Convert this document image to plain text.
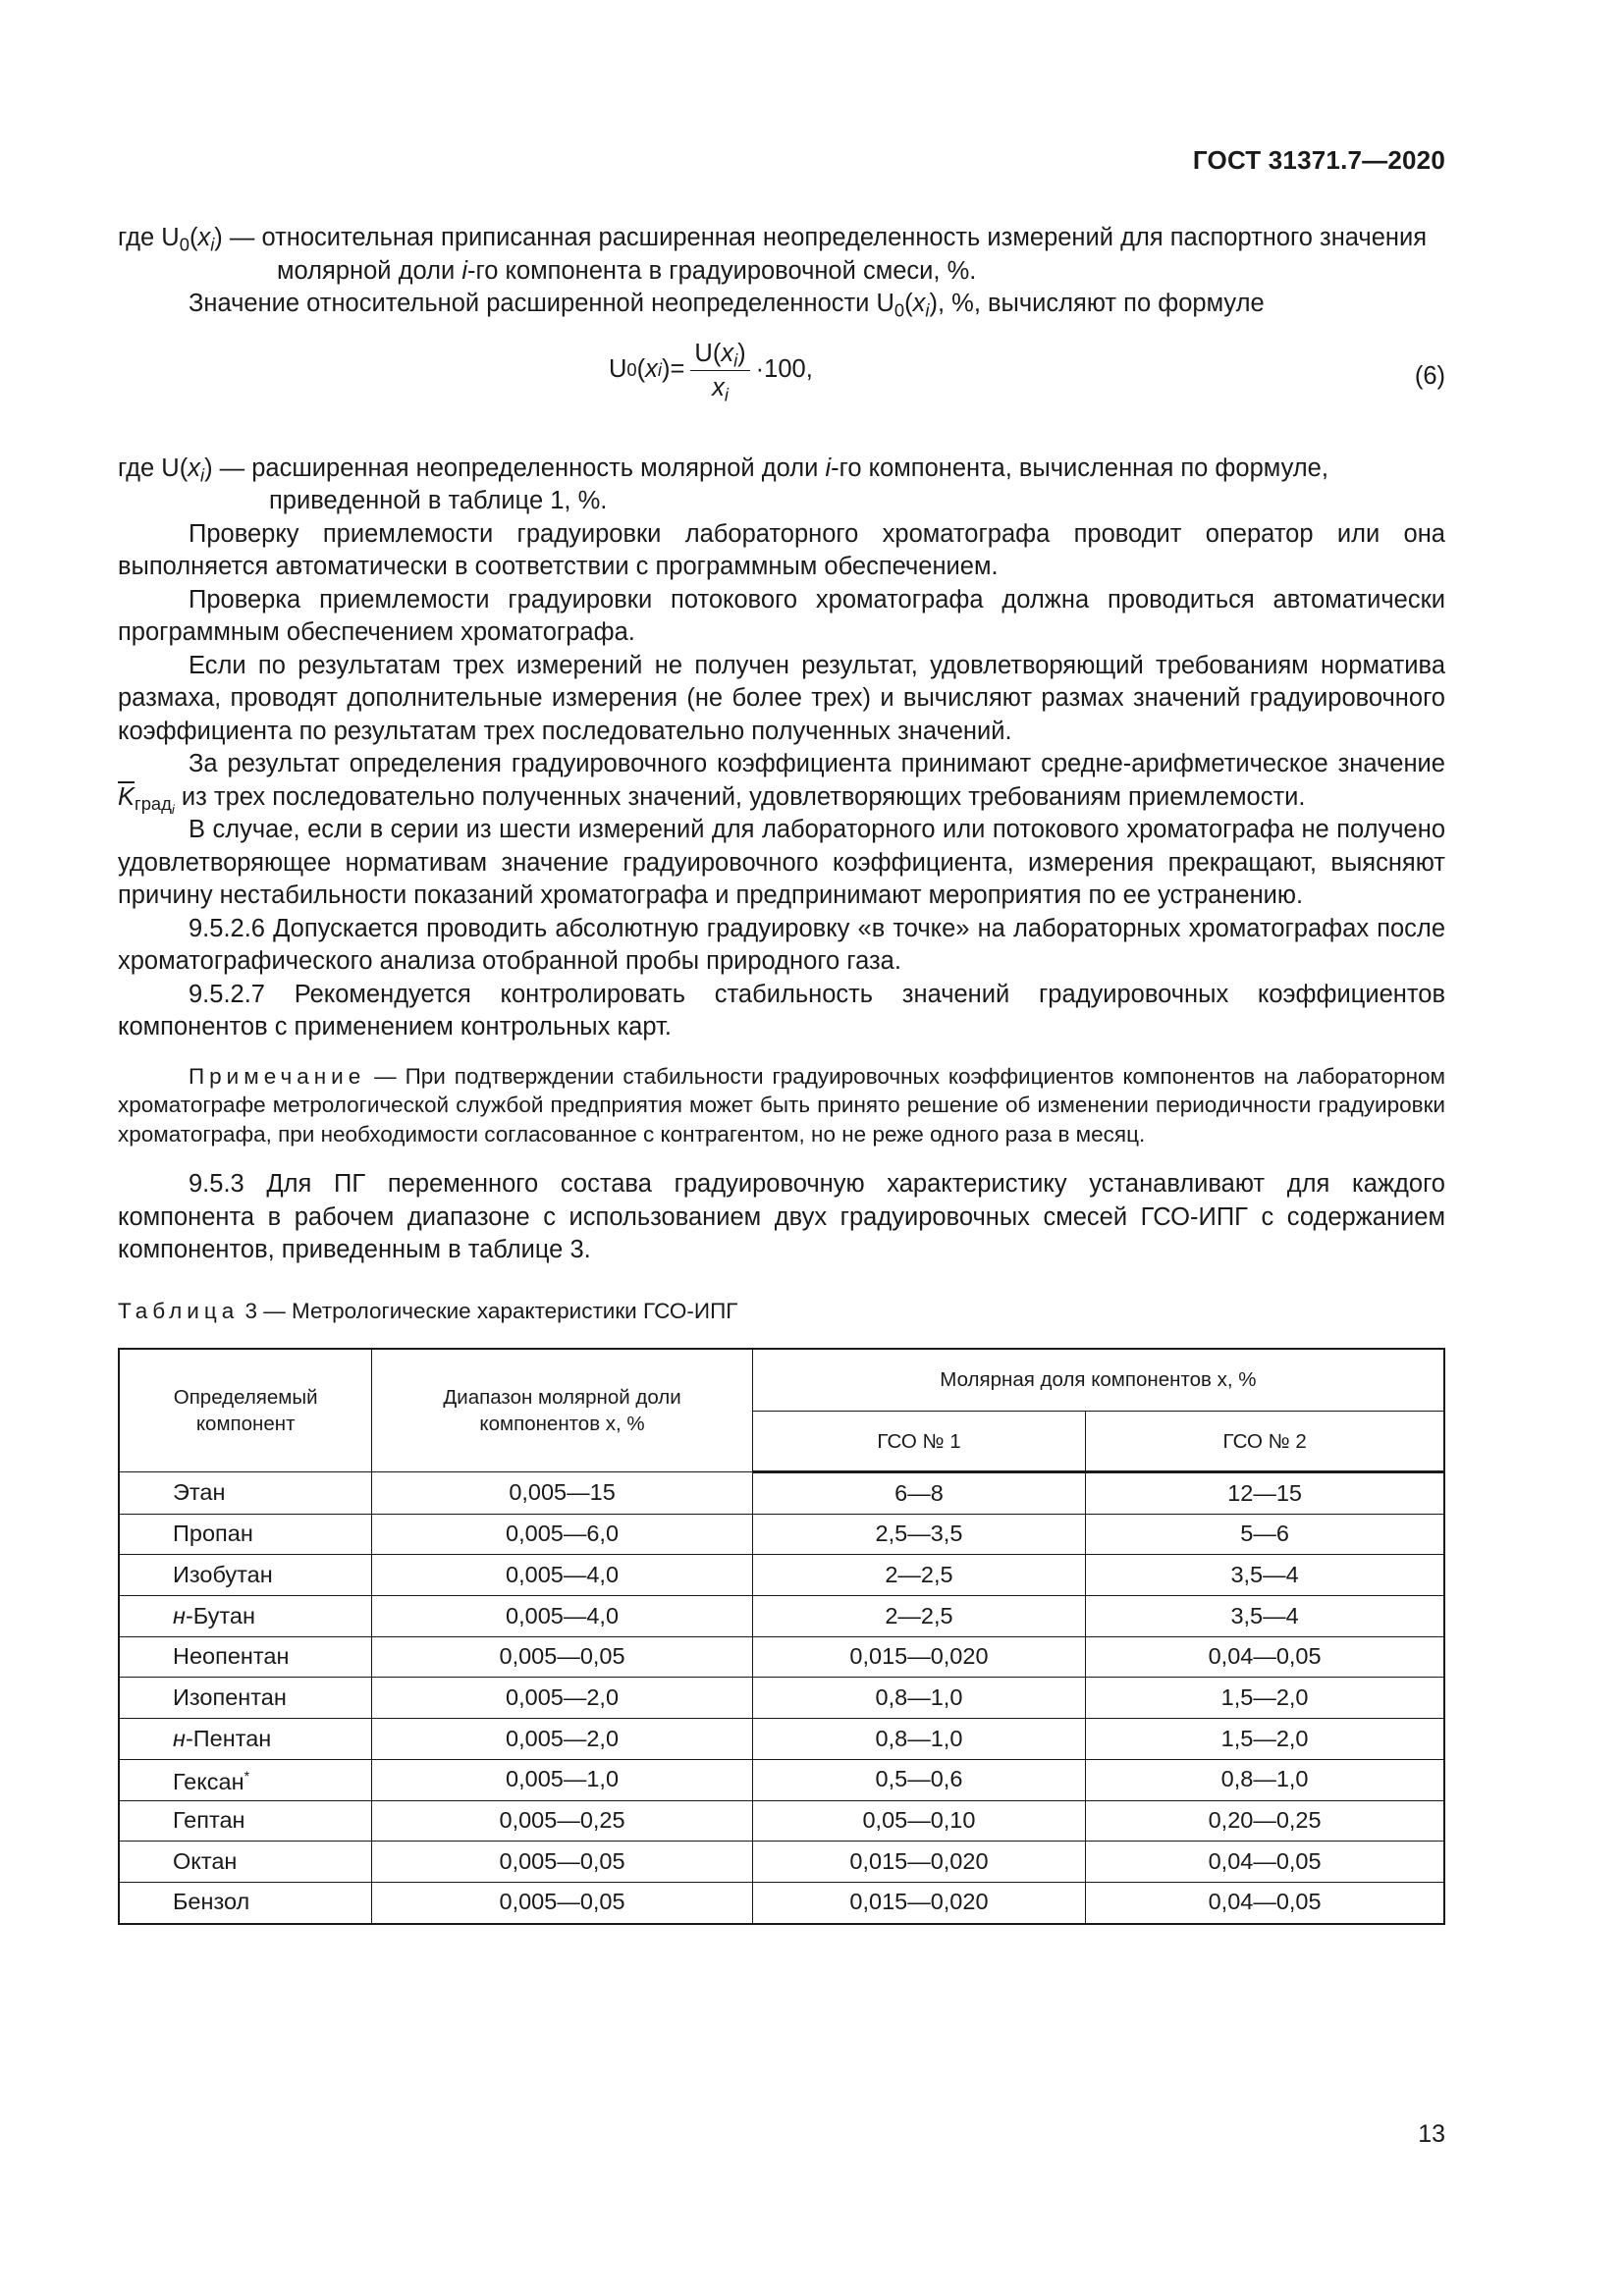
ГОСТ 31371.7—2020

где $U_0(x_i)$ — относительная приписанная расширенная неопределенность измерений для паспортного значения молярной доли i-го компонента в градуировочной смеси, %.

Значение относительной расширенной неопределенности $U_0(x_i)$, %, вычисляют по формуле

U 0 ( x i ) = $\frac{U(x_i)}{x_i} \cdot 100$,	(6)

где $U(x_i)$ — расширенная неопределенность молярной доли i-го компонента, вычисленная по формуле, приведенной в таблице 1, %.

Проверку приемлемости градуировки лабораторного хроматографа проводит оператор или она выполняется автоматически в соответствии с программным обеспечением.

Проверка приемлемости градуировки потокового хроматографа должна проводиться автоматически программным обеспечением хроматографа.

Если по результатам трех измерений не получен результат, удовлетворяющий требованиям норматива размаха, проводят дополнительные измерения (не более трех) и вычисляют размах значений градуировочного коэффициента по результатам трех последовательно полученных значений.

За результат определения градуировочного коэффициента принимают средне-арифметическое значение $\overline{K}_{град_i}$ из трех последовательно полученных значений, удовлетворяющих требованиям приемлемости.

В случае, если в серии из шести измерений для лабораторного или потокового хроматографа не получено удовлетворяющее нормативам значение градуировочного коэффициента, измерения прекращают, выясняют причину нестабильности показаний хроматографа и предпринимают мероприятия по ее устранению.

9.5.2.6 Допускается проводить абсолютную градуировку «в точке» на лабораторных хроматографах после хроматографического анализа отобранной пробы природного газа.

9.5.2.7 Рекомендуется контролировать стабильность значений градуировочных коэффициентов компонентов с применением контрольных карт.

Примечание — При подтверждении стабильности градуировочных коэффициентов компонентов на лабораторном хроматографе метрологической службой предприятия может быть принято решение об изменении периодичности градуировки хроматографа, при необходимости согласованное с контрагентом, но не реже одного раза в месяц.

9.5.3 Для ПГ переменного состава градуировочную характеристику устанавливают для каждого компонента в рабочем диапазоне с использованием двух градуировочных смесей ГСО-ИПГ с содержанием компонентов, приведенным в таблице 3.

Таблица 3 — Метрологические характеристики ГСО-ИПГ
Определяемый компонент	Диапазон молярной доли компонентов x, %	Молярная доля компонентов x, %	
		ГСО № 1	ГСО № 2
Этан	0,005—15	6—8	12—15
Пропан	0,005—6,0	2,5—3,5	5—6
Изобутан	0,005—4,0	2—2,5	3,5—4
н-Бутан	0,005—4,0	2—2,5	3,5—4
Неопентан	0,005—0,05	0,015—0,020	0,04—0,05
Изопентан	0,005—2,0	0,8—1,0	1,5—2,0
н-Пентан	0,005—2,0	0,8—1,0	1,5—2,0
Гексан*	0,005—1,0	0,5—0,6	0,8—1,0
Гептан	0,005—0,25	0,05—0,10	0,20—0,25
Октан	0,005—0,05	0,015—0,020	0,04—0,05
Бензол	0,005—0,05	0,015—0,020	0,04—0,05
13
